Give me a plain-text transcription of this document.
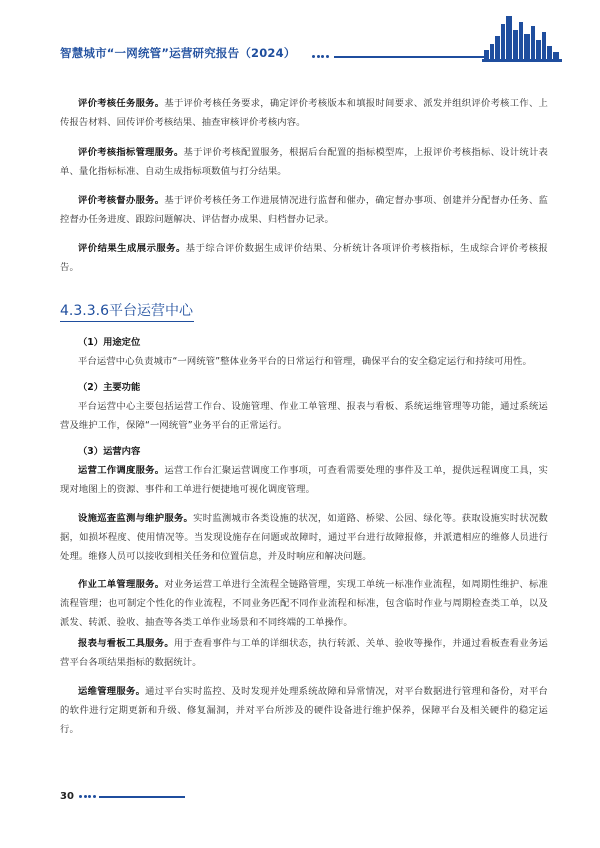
智慧城市“一网统管”运营研究报告（2024）

评价考核任务服务。基于评价考核任务要求，确定评价考核版本和填报时间要求、派发并组织评价考核工作、上传报告材料、回传评价考核结果、抽查审核评价考核内容。

评价考核指标管理服务。基于评价考核配置服务，根据后台配置的指标模型库，上报评价考核指标、设计统计表单、量化指标标准、自动生成指标项数值与打分结果。

评价考核督办服务。基于评价考核任务工作进展情况进行监督和催办，确定督办事项、创建并分配督办任务、监控督办任务进度、跟踪问题解决、评估督办成果、归档督办记录。

评价结果生成展示服务。基于综合评价数据生成评价结果、分析统计各项评价考核指标，生成综合评价考核报告。

4.3.3.6平台运营中心
（1）用途定位

平台运营中心负责城市“一网统管”整体业务平台的日常运行和管理，确保平台的安全稳定运行和持续可用性。

（2）主要功能

平台运营中心主要包括运营工作台、设施管理、作业工单管理、报表与看板、系统运维管理等功能，通过系统运营及维护工作，保障“一网统管”业务平台的正常运行。

（3）运营内容

运营工作调度服务。运营工作台汇聚运营调度工作事项，可查看需要处理的事件及工单，提供远程调度工具，实现对地图上的资源、事件和工单进行便捷地可视化调度管理。

设施巡查监测与维护服务。实时监测城市各类设施的状况，如道路、桥梁、公园、绿化等。获取设施实时状况数据，如损坏程度、使用情况等。当发现设施存在问题或故障时，通过平台进行故障报修，并派遣相应的维修人员进行处理。维修人员可以接收到相关任务和位置信息，并及时响应和解决问题。

作业工单管理服务。对业务运营工单进行全流程全链路管理，实现工单统一标准作业流程，如周期性维护、标准流程管理；也可制定个性化的作业流程，不同业务匹配不同作业流程和标准，包含临时作业与周期检查类工单，以及派发、转派、验收、抽查等各类工单作业场景和不同终端的工单操作。

报表与看板工具服务。用于查看事件与工单的详细状态，执行转派、关单、验收等操作，并通过看板查看业务运营平台各项结果指标的数据统计。

运维管理服务。通过平台实时监控、及时发现并处理系统故障和异常情况，对平台数据进行管理和备份，对平台的软件进行定期更新和升级、修复漏洞，并对平台所涉及的硬件设备进行维护保养，保障平台及相关硬件的稳定运行。

30
